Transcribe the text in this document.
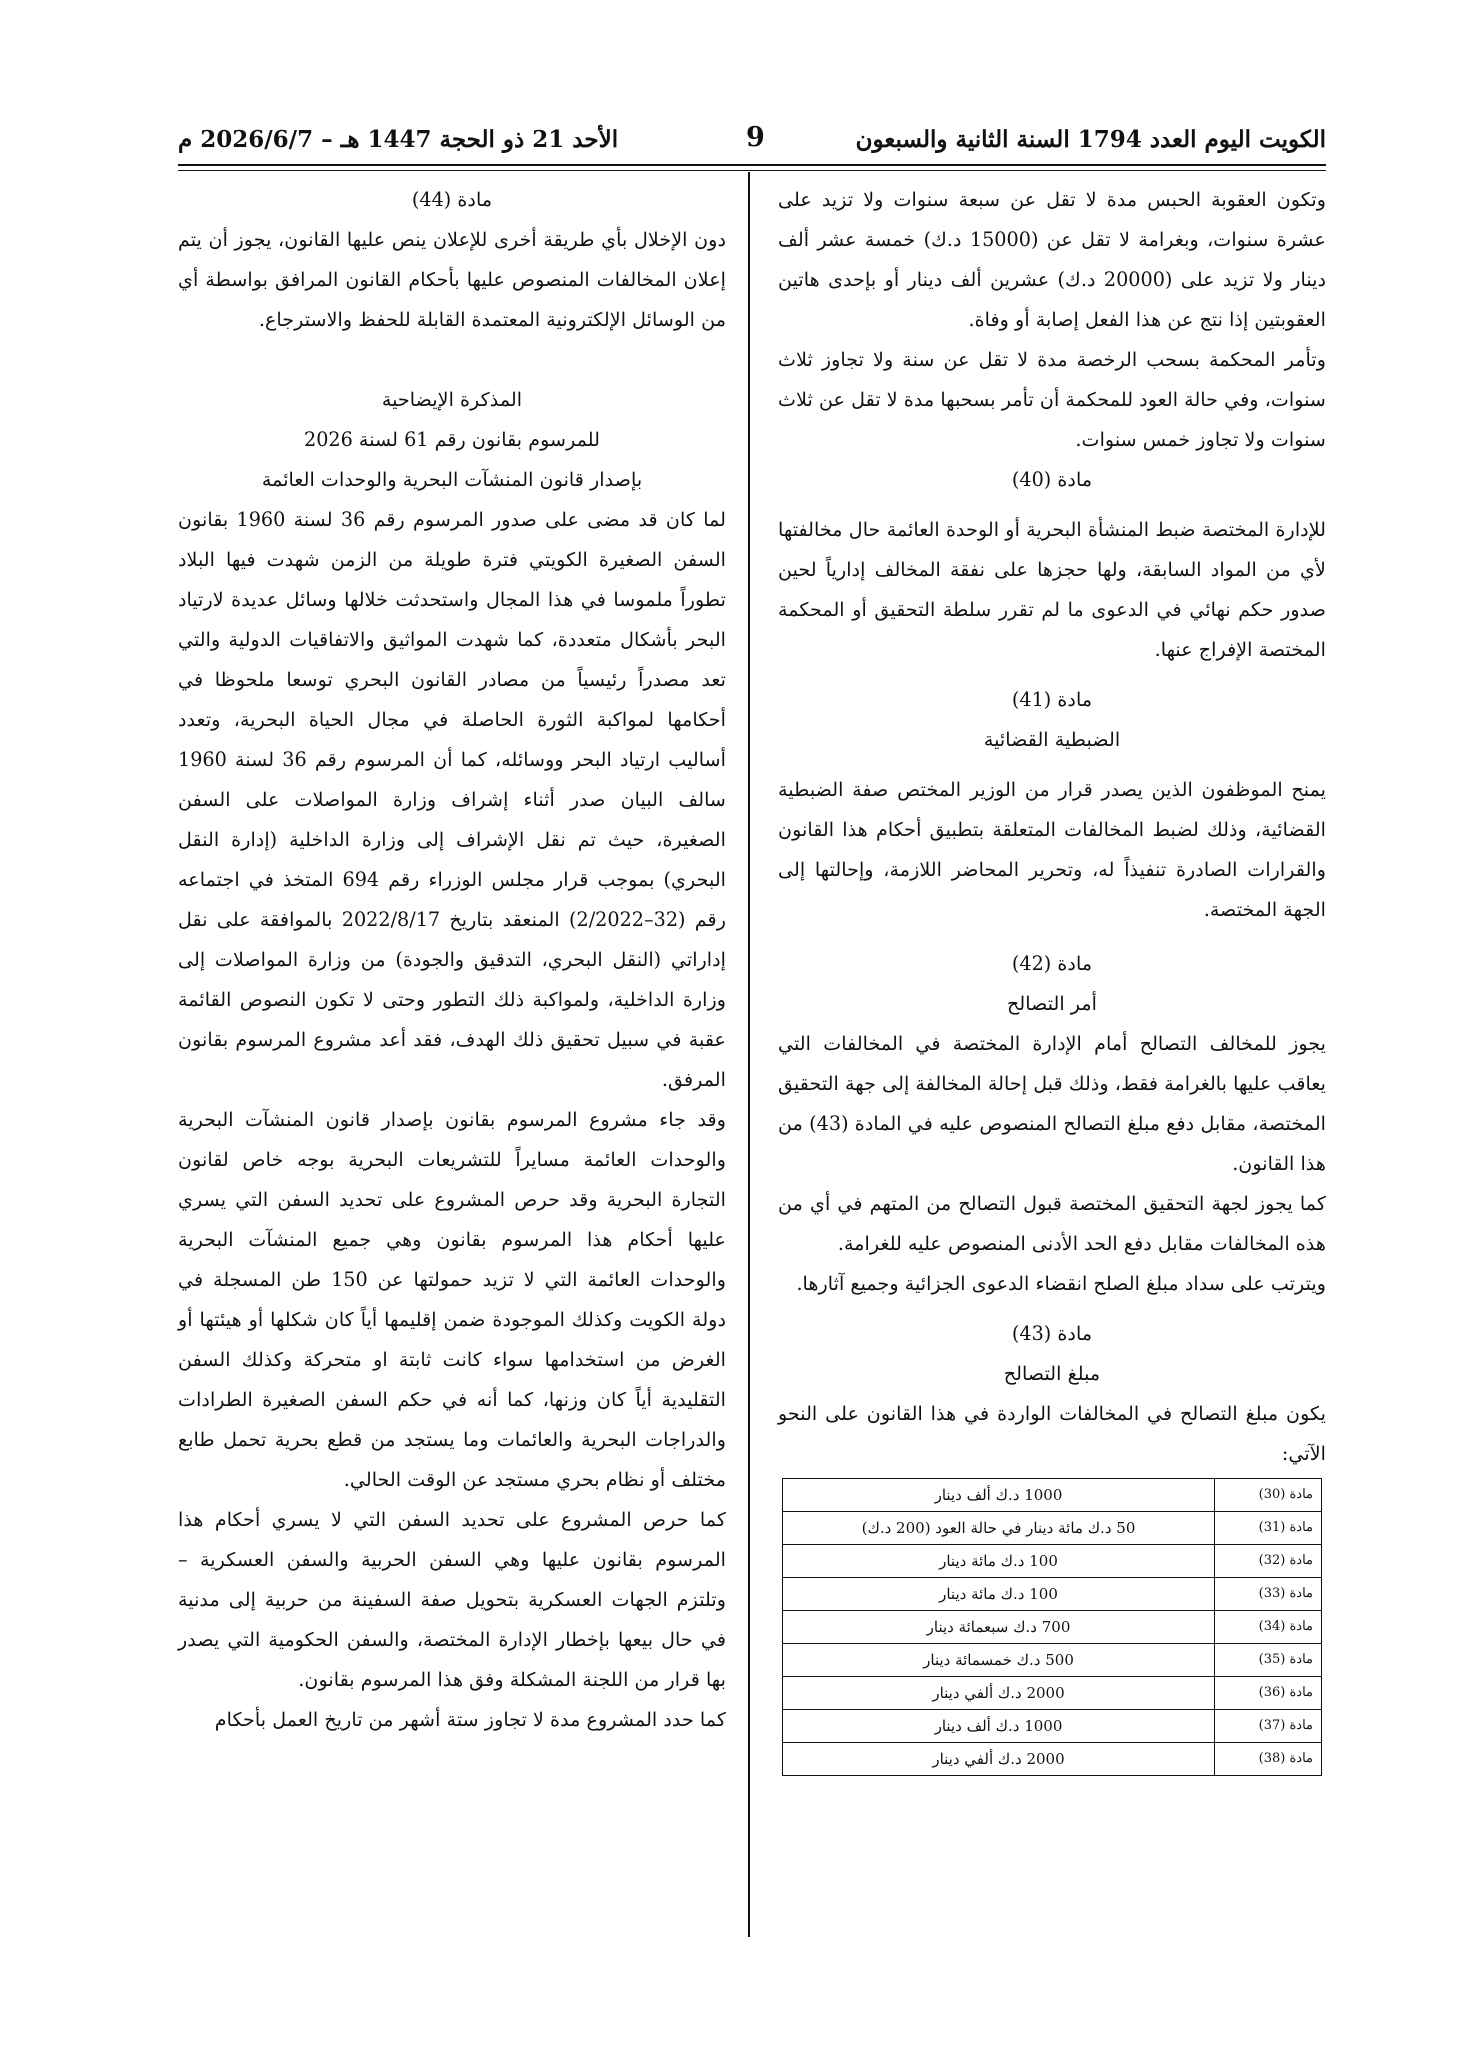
الكويت اليوم العدد 1794 السنة الثانية والسبعون
9
الأحد 21 ذو الحجة 1447 هـ – 2026/6/7 م

وتكون العقوبة الحبس مدة لا تقل عن سبعة سنوات ولا تزيد على عشرة سنوات، وبغرامة لا تقل عن (15000 د.ك) خمسة عشر ألف دينار ولا تزيد على (20000 د.ك) عشرين ألف دينار أو بإحدى هاتين العقوبتين إذا نتج عن هذا الفعل إصابة أو وفاة.

وتأمر المحكمة بسحب الرخصة مدة لا تقل عن سنة ولا تجاوز ثلاث سنوات، وفي حالة العود للمحكمة أن تأمر بسحبها مدة لا تقل عن ثلاث سنوات ولا تجاوز خمس سنوات.

مادة (40)

للإدارة المختصة ضبط المنشأة البحرية أو الوحدة العائمة حال مخالفتها لأي من المواد السابقة، ولها حجزها على نفقة المخالف إدارياً لحين صدور حكم نهائي في الدعوى ما لم تقرر سلطة التحقيق أو المحكمة المختصة الإفراج عنها.

مادة (41)

الضبطية القضائية

يمنح الموظفون الذين يصدر قرار من الوزير المختص صفة الضبطية القضائية، وذلك لضبط المخالفات المتعلقة بتطبيق أحكام هذا القانون والقرارات الصادرة تنفيذاً له، وتحرير المحاضر اللازمة، وإحالتها إلى الجهة المختصة.

مادة (42)

أمر التصالح

يجوز للمخالف التصالح أمام الإدارة المختصة في المخالفات التي يعاقب عليها بالغرامة فقط، وذلك قبل إحالة المخالفة إلى جهة التحقيق المختصة، مقابل دفع مبلغ التصالح المنصوص عليه في المادة (43) من هذا القانون.

كما يجوز لجهة التحقيق المختصة قبول التصالح من المتهم في أي من هذه المخالفات مقابل دفع الحد الأدنى المنصوص عليه للغرامة.

ويترتب على سداد مبلغ الصلح انقضاء الدعوى الجزائية وجميع آثارها.

مادة (43)

مبلغ التصالح

يكون مبلغ التصالح في المخالفات الواردة في هذا القانون على النحو الآتي:

مادة (30)	1000 د.ك ألف دينار
مادة (31)	50 د.ك مائة دينار في حالة العود (200 د.ك)
مادة (32)	100 د.ك مائة دينار
مادة (33)	100 د.ك مائة دينار
مادة (34)	700 د.ك سبعمائة دينار
مادة (35)	500 د.ك خمسمائة دينار
مادة (36)	2000 د.ك ألفي دينار
مادة (37)	1000 د.ك ألف دينار
مادة (38)	2000 د.ك ألفي دينار

مادة (44)

دون الإخلال بأي طريقة أخرى للإعلان ينص عليها القانون، يجوز أن يتم إعلان المخالفات المنصوص عليها بأحكام القانون المرافق بواسطة أي من الوسائل الإلكترونية المعتمدة القابلة للحفظ والاسترجاع.

المذكرة الإيضاحية

للمرسوم بقانون رقم 61 لسنة 2026

بإصدار قانون المنشآت البحرية والوحدات العائمة

لما كان قد مضى على صدور المرسوم رقم 36 لسنة 1960 بقانون السفن الصغيرة الكويتي فترة طويلة من الزمن شهدت فيها البلاد تطوراً ملموسا في هذا المجال واستحدثت خلالها وسائل عديدة لارتياد البحر بأشكال متعددة، كما شهدت المواثيق والاتفاقيات الدولية والتي تعد مصدراً رئيسياً من مصادر القانون البحري توسعا ملحوظا في أحكامها لمواكبة الثورة الحاصلة في مجال الحياة البحرية، وتعدد أساليب ارتياد البحر ووسائله، كما أن المرسوم رقم 36 لسنة 1960 سالف البيان صدر أثناء إشراف وزارة المواصلات على السفن الصغيرة، حيث تم نقل الإشراف إلى وزارة الداخلية (إدارة النقل البحري) بموجب قرار مجلس الوزراء رقم 694 المتخذ في اجتماعه رقم (32–2/2022) المنعقد بتاريخ 2022/8/17 بالموافقة على نقل إداراتي (النقل البحري، التدقيق والجودة) من وزارة المواصلات إلى وزارة الداخلية، ولمواكبة ذلك التطور وحتى لا تكون النصوص القائمة عقبة في سبيل تحقيق ذلك الهدف، فقد أعد مشروع المرسوم بقانون المرفق.

وقد جاء مشروع المرسوم بقانون بإصدار قانون المنشآت البحرية والوحدات العائمة مسايراً للتشريعات البحرية بوجه خاص لقانون التجارة البحرية وقد حرص المشروع على تحديد السفن التي يسري عليها أحكام هذا المرسوم بقانون وهي جميع المنشآت البحرية والوحدات العائمة التي لا تزيد حمولتها عن 150 طن المسجلة في دولة الكويت وكذلك الموجودة ضمن إقليمها أياً كان شكلها أو هيئتها أو الغرض من استخدامها سواء كانت ثابتة او متحركة وكذلك السفن التقليدية أياً كان وزنها، كما أنه في حكم السفن الصغيرة الطرادات والدراجات البحرية والعائمات وما يستجد من قطع بحرية تحمل طابع مختلف أو نظام بحري مستجد عن الوقت الحالي.

كما حرص المشروع على تحديد السفن التي لا يسري أحكام هذا المرسوم بقانون عليها وهي السفن الحربية والسفن العسكرية – وتلتزم الجهات العسكرية بتحويل صفة السفينة من حربية إلى مدنية في حال بيعها بإخطار الإدارة المختصة، والسفن الحكومية التي يصدر بها قرار من اللجنة المشكلة وفق هذا المرسوم بقانون.

كما حدد المشروع مدة لا تجاوز ستة أشهر من تاريخ العمل بأحكام
